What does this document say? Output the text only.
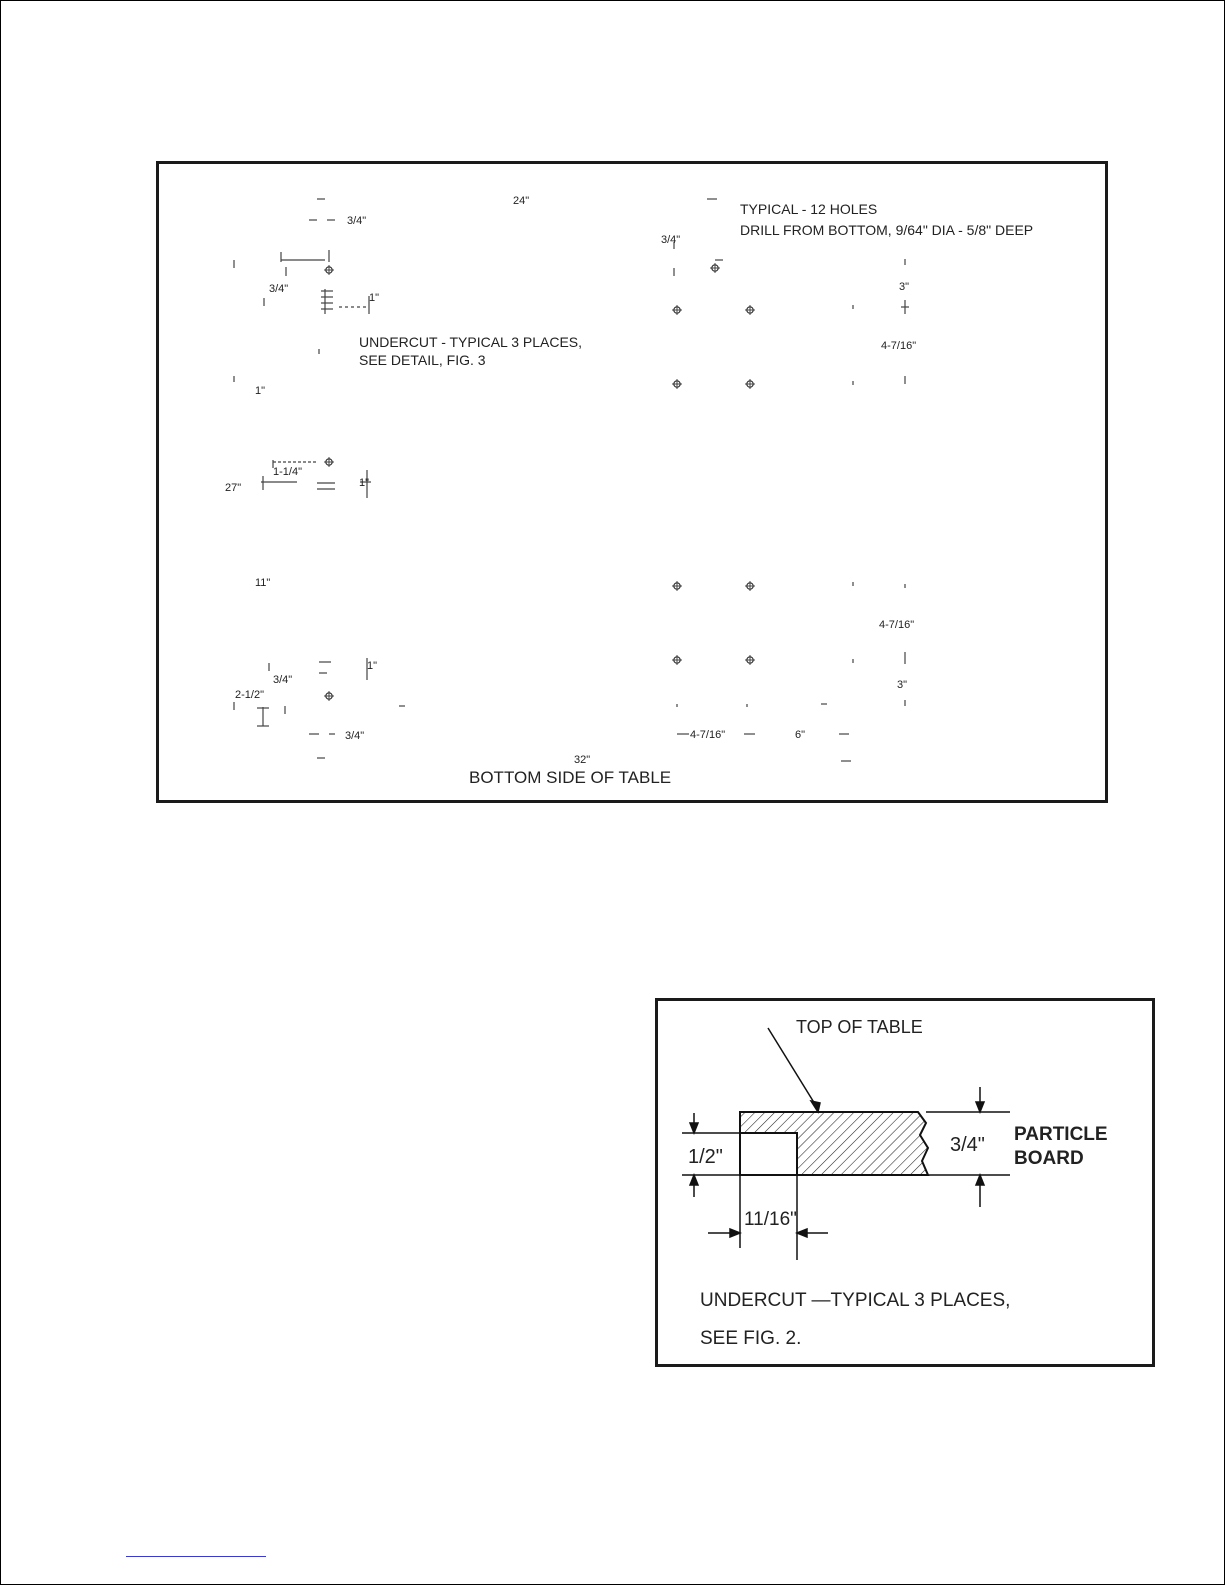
TYPICAL - 12 HOLES
DRILL FROM BOTTOM, 9/64" DIA - 5/8" DEEP
UNDERCUT - TYPICAL 3 PLACES,
SEE DETAIL, FIG. 3
24"
3/4"
3/4"
1"
1"
27"
1-1/4"
1"
11"
3/4"
1"
2-1/2"
3/4"
3/4"
3"
4-7/16"
4-7/16"
3"
4-7/16"	6"
32"
BOTTOM SIDE OF TABLE
TOP OF TABLE
3/4" PARTICLE
BOARD
1/2"
11/16"
UNDERCUT —TYPICAL 3 PLACES,
SEE FIG. 2.
